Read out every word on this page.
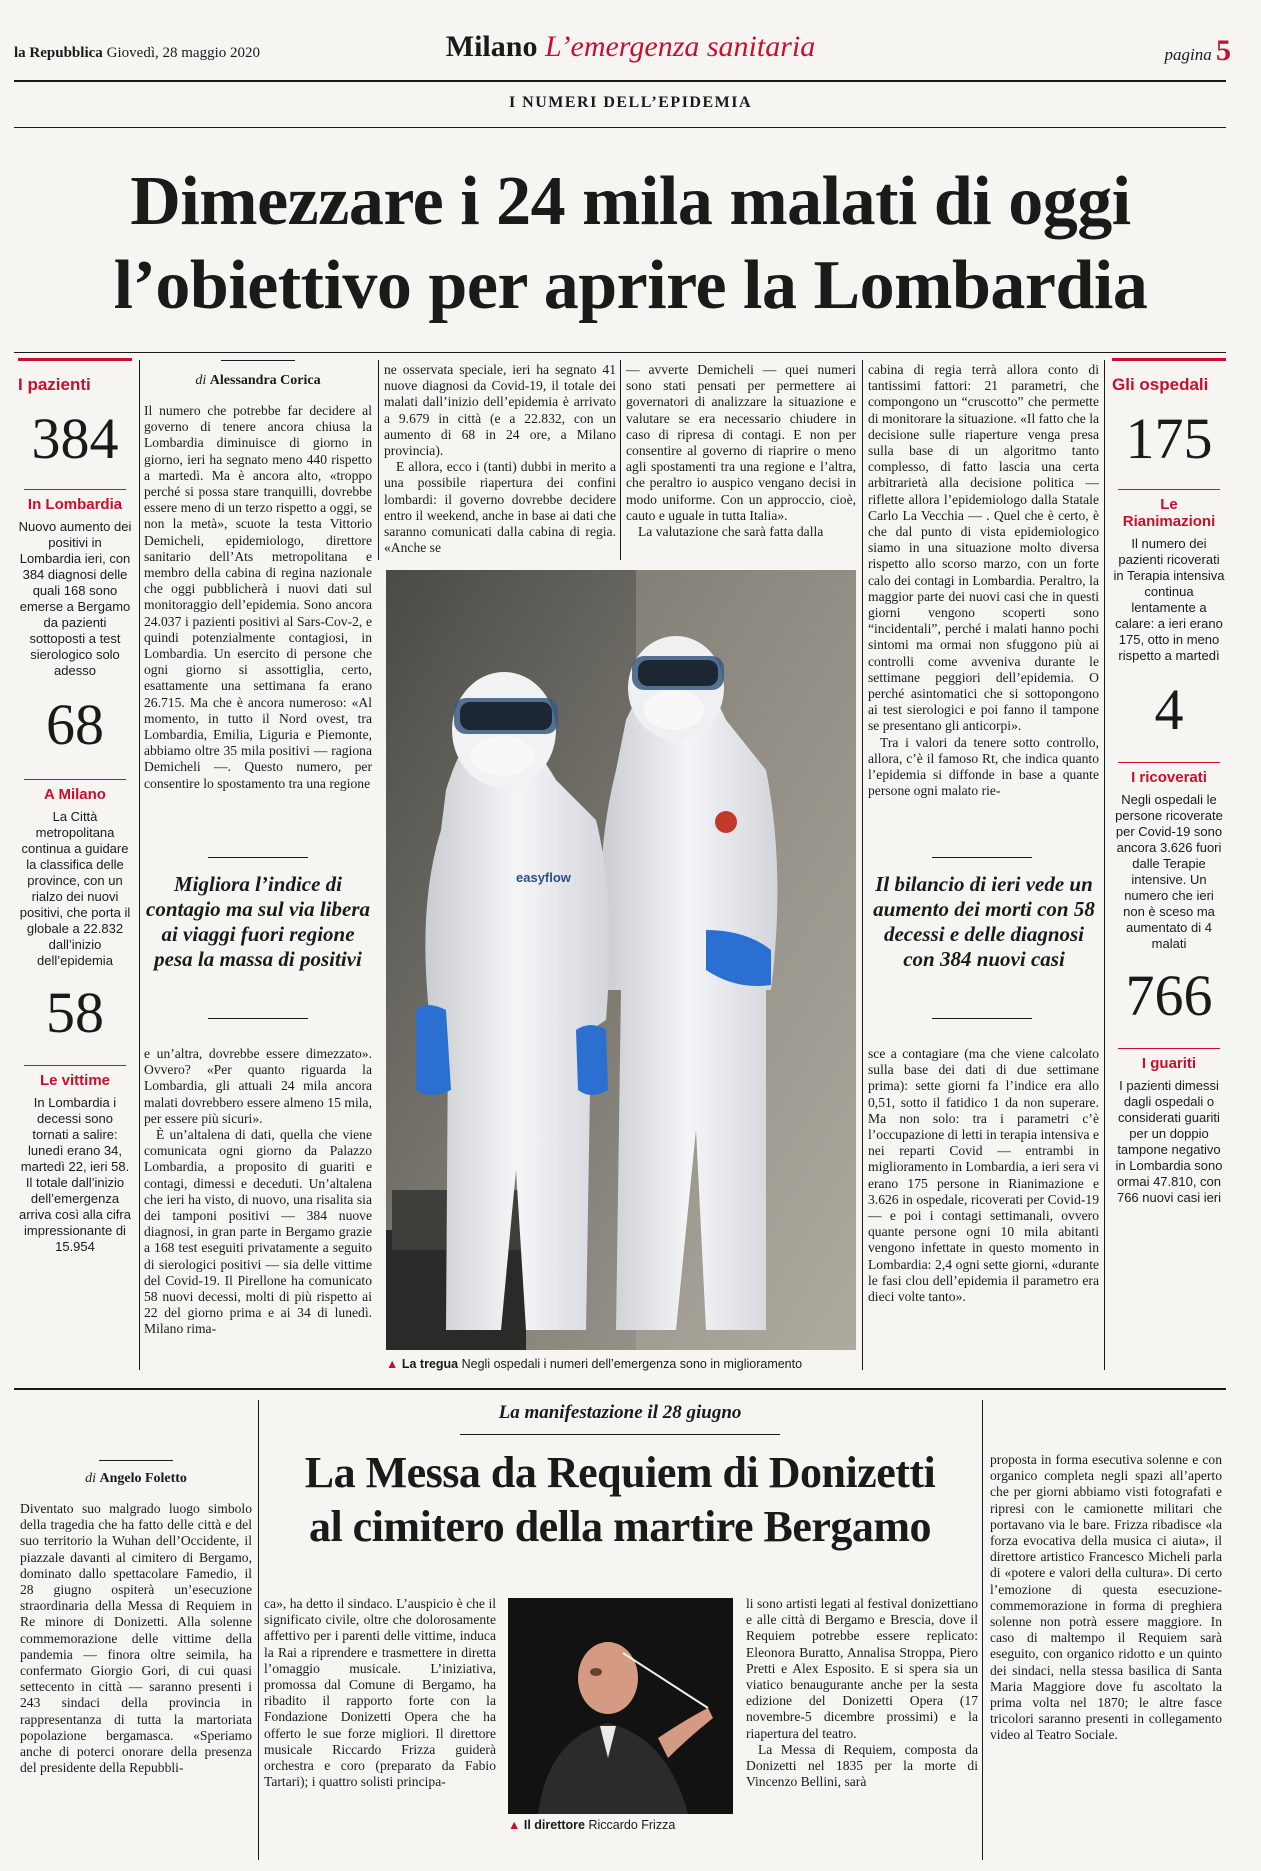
la Repubblica Giovedì, 28 maggio 2020	Milano L’emergenza sanitaria	pagina 5
I NUMERI DELL’EPIDEMIA
Dimezzare i 24 mila malati di oggi
l’obiettivo per aprire la Lombardia
I pazienti
384
In Lombardia
Nuovo aumento dei positivi in Lombardia ieri, con 384 diagnosi delle quali 168 sono emerse a Bergamo da pazienti sottoposti a test sierologico solo adesso
68
A Milano
La Città metropolitana continua a guidare la classifica delle province, con un rialzo dei nuovi positivi, che porta il globale a 22.832 dall’inizio dell’epidemia
58
Le vittime
In Lombardia i decessi sono tornati a salire: lunedì erano 34, martedì 22, ieri 58. Il totale dall’inizio dell’emergenza arriva così alla cifra impressionante di 15.954
Gli ospedali
175
Le Rianimazioni
Il numero dei pazienti ricoverati in Terapia intensiva continua lentamente a calare: a ieri erano 175, otto in meno rispetto a martedì
4
I ricoverati
Negli ospedali le persone ricoverate per Covid-19 sono ancora 3.626 fuori dalle Terapie intensive. Un numero che ieri non è sceso ma aumentato di 4 malati
766
I guariti
I pazienti dimessi dagli ospedali o considerati guariti per un doppio tampone negativo in Lombardia sono ormai 47.810, con 766 nuovi casi ieri
di Alessandra Corica

Il numero che potrebbe far decidere al governo di tenere ancora chiusa la Lombardia diminuisce di giorno in giorno, ieri ha segnato meno 440 rispetto a martedì. Ma è ancora alto, «troppo perché si possa stare tranquilli, dovrebbe essere meno di un terzo rispetto a oggi, se non la metà», scuote la testa Vittorio Demicheli, epidemiologo, direttore sanitario dell’Ats metropolitana e membro della cabina di regina nazionale che oggi pubblicherà i nuovi dati sul monitoraggio dell’epidemia. Sono ancora 24.037 i pazienti positivi al Sars-Cov-2, e quindi potenzialmente contagiosi, in Lombardia. Un esercito di persone che ogni giorno si assottiglia, certo, esattamente una settimana fa erano 26.715. Ma che è ancora numeroso: «Al momento, in tutto il Nord ovest, tra Lombardia, Emilia, Liguria e Piemonte, abbiamo oltre 35 mila positivi — ragiona Demicheli —. Questo numero, per consentire lo spostamento tra una regione

Migliora l’indice di contagio ma sul via libera ai viaggi fuori regione pesa la massa di positivi

e un’altra, dovrebbe essere dimezzato». Ovvero? «Per quanto riguarda la Lombardia, gli attuali 24 mila ancora malati dovrebbero essere almeno 15 mila, per essere più sicuri».

È un’altalena di dati, quella che viene comunicata ogni giorno da Palazzo Lombardia, a proposito di guariti e contagi, dimessi e deceduti. Un’altalena che ieri ha visto, di nuovo, una risalita sia dei tamponi positivi — 384 nuove diagnosi, in gran parte in Bergamo grazie a 168 test eseguiti privatamente a seguito di sierologici positivi — sia delle vittime del Covid-19. Il Pirellone ha comunicato 58 nuovi decessi, molti di più rispetto ai 22 del giorno prima e ai 34 di lunedì. Milano rima-

ne osservata speciale, ieri ha segnato 41 nuove diagnosi da Covid-19, il totale dei malati dall’inizio dell’epidemia è arrivato a 9.679 in città (e a 22.832, con un aumento di 68 in 24 ore, a Milano provincia).

E allora, ecco i (tanti) dubbi in merito a una possibile riapertura dei confini lombardi: il governo dovrebbe decidere entro il weekend, anche in base ai dati che saranno comunicati dalla cabina di regia. «Anche se

— avverte Demicheli — quei numeri sono stati pensati per permettere ai governatori di analizzare la situazione e valutare se era necessario chiudere in caso di ripresa di contagi. E non per consentire al governo di riaprire o meno agli spostamenti tra una regione e l’altra, che peraltro io auspico vengano decisi in modo uniforme. Con un approccio, cioè, cauto e uguale in tutta Italia».

La valutazione che sarà fatta dalla

easyflow
▲ La tregua Negli ospedali i numeri dell’emergenza sono in miglioramento

cabina di regia terrà allora conto di tantissimi fattori: 21 parametri, che compongono un “cruscotto” che permette di monitorare la situazione. «Il fatto che la decisione sulle riaperture venga presa sulla base di un algoritmo tanto complesso, di fatto lascia una certa arbitrarietà alla decisione politica — riflette allora l’epidemiologo dalla Statale Carlo La Vecchia — . Quel che è certo, è che dal punto di vista epidemiologico siamo in una situazione molto diversa rispetto allo scorso marzo, con un forte calo dei contagi in Lombardia. Peraltro, la maggior parte dei nuovi casi che in questi giorni vengono scoperti sono “incidentali”, perché i malati hanno pochi sintomi ma ormai non sfuggono più ai controlli come avveniva durante le settimane peggiori dell’epidemia. O perché asintomatici che si sottopongono ai test sierologici e poi fanno il tampone se presentano gli anticorpi».

Tra i valori da tenere sotto controllo, allora, c’è il famoso Rt, che indica quanto l’epidemia si diffonde in base a quante persone ogni malato rie-

Il bilancio di ieri vede un aumento dei morti con 58 decessi e delle diagnosi con 384 nuovi casi

sce a contagiare (ma che viene calcolato sulla base dei dati di due settimane prima): sette giorni fa l’indice era allo 0,51, sotto il fatidico 1 da non superare. Ma non solo: tra i parametri c’è l’occupazione di letti in terapia intensiva e nei reparti Covid — entrambi in miglioramento in Lombardia, a ieri sera vi erano 175 persone in Rianimazione e 3.626 in ospedale, ricoverati per Covid-19 — e poi i contagi settimanali, ovvero quante persone ogni 10 mila abitanti vengono infettate in questo momento in Lombardia: 2,4 ogni sette giorni, «durante le fasi clou dell’epidemia il parametro era dieci volte tanto».

La manifestazione il 28 giugno
La Messa da Requiem di Donizetti
al cimitero della martire Bergamo
di Angelo Foletto

Diventato suo malgrado luogo simbolo della tragedia che ha fatto delle città e del suo territorio la Wuhan dell’Occidente, il piazzale davanti al cimitero di Bergamo, dominato dallo spettacolare Famedio, il 28 giugno ospiterà un’esecuzione straordinaria della Messa di Requiem in Re minore di Donizetti. Alla solenne commemorazione delle vittime della pandemia — finora oltre seimila, ha confermato Giorgio Gori, di cui quasi settecento in città — saranno presenti i 243 sindaci della provincia in rappresentanza di tutta la martoriata popolazione bergamasca. «Speriamo anche di poterci onorare della presenza del presidente della Repubbli-

ca», ha detto il sindaco. L’auspicio è che il significato civile, oltre che dolorosamente affettivo per i parenti delle vittime, induca la Rai a riprendere e trasmettere in diretta l’omaggio musicale. L’iniziativa, promossa dal Comune di Bergamo, ha ribadito il rapporto forte con la Fondazione Donizetti Opera che ha offerto le sue forze migliori. Il direttore musicale Riccardo Frizza guiderà orchestra e coro (preparato da Fabio Tartari); i quattro solisti principa-

▲ Il direttore Riccardo Frizza

li sono artisti legati al festival donizettiano e alle città di Bergamo e Brescia, dove il Requiem potrebbe essere replicato: Eleonora Buratto, Annalisa Stroppa, Piero Pretti e Alex Esposito. E si spera sia un viatico benaugurante anche per la sesta edizione del Donizetti Opera (17 novembre-5 dicembre prossimi) e la riapertura del teatro.

La Messa di Requiem, composta da Donizetti nel 1835 per la morte di Vincenzo Bellini, sarà

proposta in forma esecutiva solenne e con organico completa negli spazi all’aperto che per giorni abbiamo visti fotografati e ripresi con le camionette militari che portavano via le bare. Frizza ribadisce «la forza evocativa della musica ci aiuta», il direttore artistico Francesco Micheli parla di «potere e valori della cultura». Di certo l’emozione di questa esecuzione-commemorazione in forma di preghiera solenne non potrà essere maggiore. In caso di maltempo il Requiem sarà eseguito, con organico ridotto e un quinto dei sindaci, nella stessa basilica di Santa Maria Maggiore dove fu ascoltato la prima volta nel 1870; le altre fasce tricolori saranno presenti in collegamento video al Teatro Sociale.
